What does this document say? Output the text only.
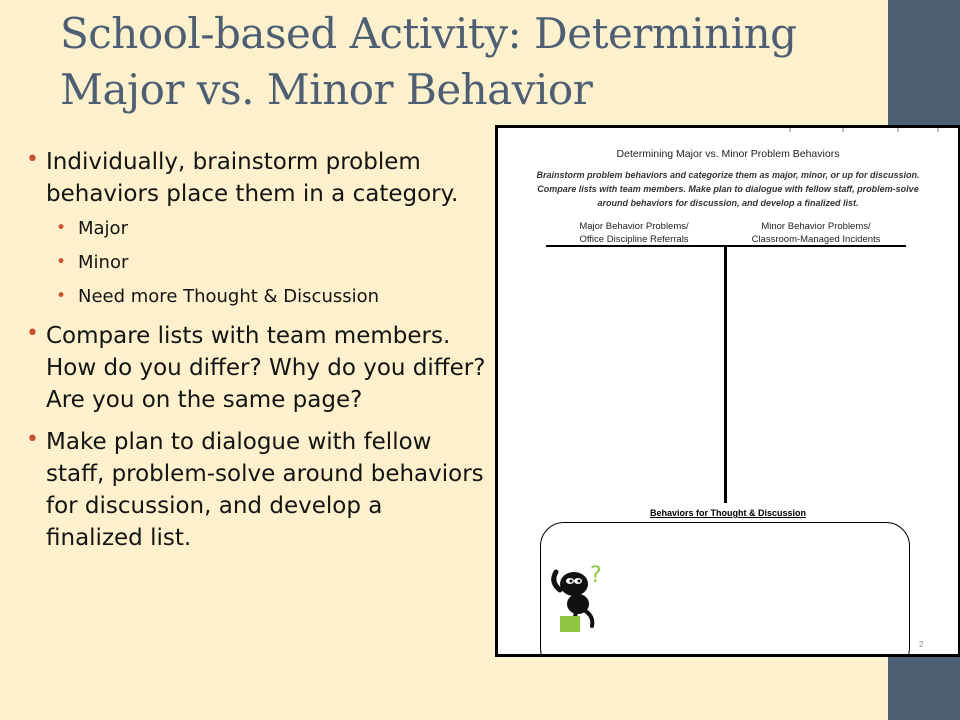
School-based Activity: Determining Major vs. Minor Behavior
• Individually, brainstorm problem behaviors place them in a category.
• Major
• Minor
• Need more Thought & Discussion
• Compare lists with team members. How do you differ? Why do you differ? Are you on the same page?
• Make plan to dialogue with fellow staff, problem-solve around behaviors for discussion, and develop a finalized list.
Determining Major vs. Minor Problem Behaviors
Brainstorm problem behaviors and categorize them as major, minor, or up for discussion.
Compare lists with team members. Make plan to dialogue with fellow staff, problem-solve
around behaviors for discussion, and develop a finalized list.
Major Behavior Problems/
Office Discipline Referrals
Minor Behavior Problems/
Classroom-Managed Incidents
Behaviors for Thought & Discussion
?
2
